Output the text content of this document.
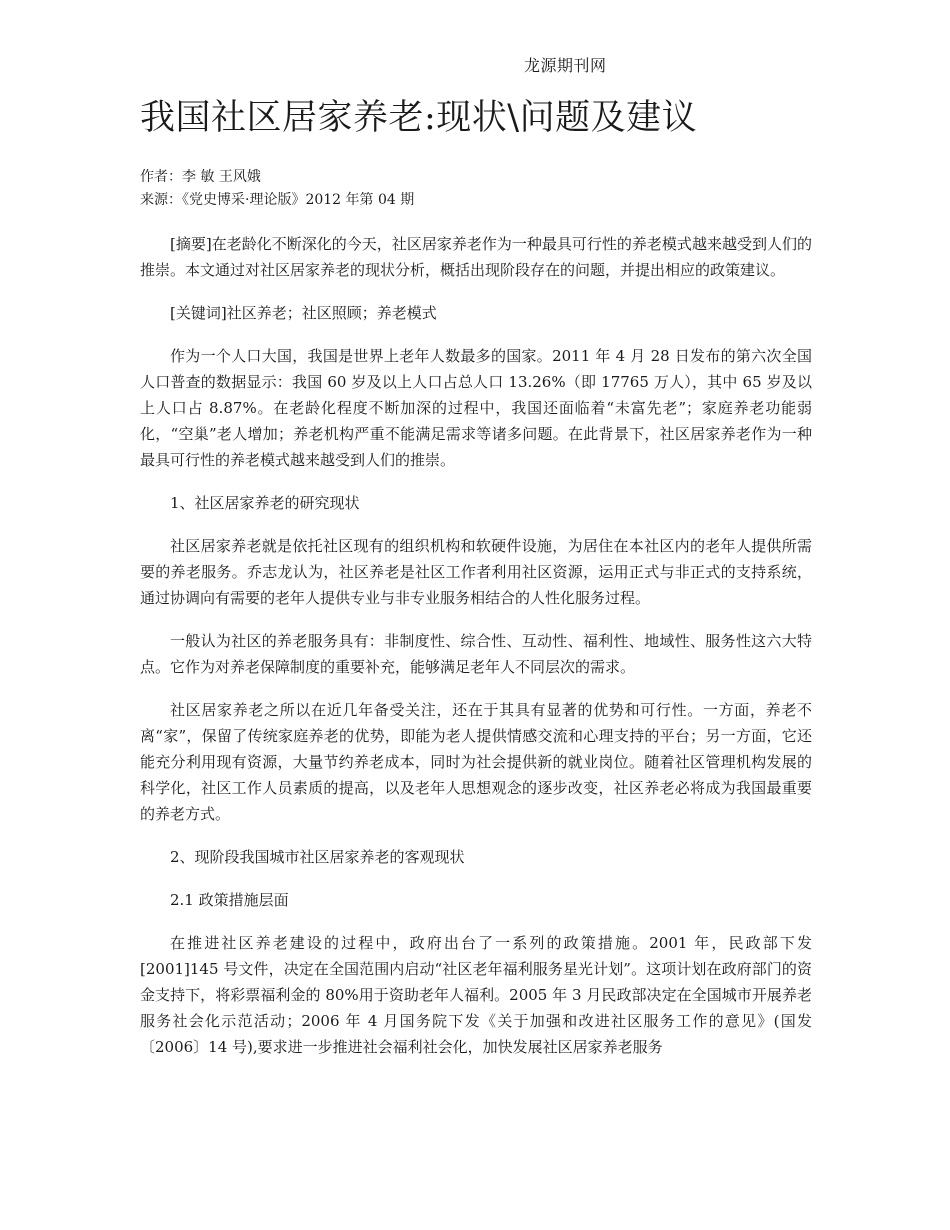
龙源期刊网
我国社区居家养老:现状\问题及建议
作者：李 敏 王风娥
来源：《党史博采·理论版》2012 年第 04 期

[摘要]在老龄化不断深化的今天，社区居家养老作为一种最具可行性的养老模式越来越受到人们的推崇。本文通过对社区居家养老的现状分析，概括出现阶段存在的问题，并提出相应的政策建议。

[关键词]社区养老；社区照顾；养老模式

作为一个人口大国，我国是世界上老年人数最多的国家。2011 年 4 月 28 日发布的第六次全国人口普查的数据显示：我国 60 岁及以上人口占总人口 13.26%（即 17765 万人），其中 65 岁及以上人口占 8.87%。在老龄化程度不断加深的过程中，我国还面临着“未富先老”；家庭养老功能弱化，“空巢”老人增加；养老机构严重不能满足需求等诸多问题。在此背景下，社区居家养老作为一种最具可行性的养老模式越来越受到人们的推崇。

1、社区居家养老的研究现状

社区居家养老就是依托社区现有的组织机构和软硬件设施，为居住在本社区内的老年人提供所需要的养老服务。乔志龙认为，社区养老是社区工作者利用社区资源，运用正式与非正式的支持系统，通过协调向有需要的老年人提供专业与非专业服务相结合的人性化服务过程。

一般认为社区的养老服务具有：非制度性、综合性、互动性、福利性、地域性、服务性这六大特点。它作为对养老保障制度的重要补充，能够满足老年人不同层次的需求。

社区居家养老之所以在近几年备受关注，还在于其具有显著的优势和可行性。一方面，养老不离“家”，保留了传统家庭养老的优势，即能为老人提供情感交流和心理支持的平台；另一方面，它还能充分利用现有资源，大量节约养老成本，同时为社会提供新的就业岗位。随着社区管理机构发展的科学化，社区工作人员素质的提高，以及老年人思想观念的逐步改变，社区养老必将成为我国最重要的养老方式。

2、现阶段我国城市社区居家养老的客观现状

2.1 政策措施层面

在推进社区养老建设的过程中，政府出台了一系列的政策措施。2001 年，民政部下发[2001]145 号文件，决定在全国范围内启动“社区老年福利服务星光计划”。这项计划在政府部门的资金支持下，将彩票福利金的 80%用于资助老年人福利。2005 年 3 月民政部决定在全国城市开展养老服务社会化示范活动；2006 年 4 月国务院下发《关于加强和改进社区服务工作的意见》(国发〔2006〕14 号),要求进一步推进社会福利社会化，加快发展社区居家养老服务
